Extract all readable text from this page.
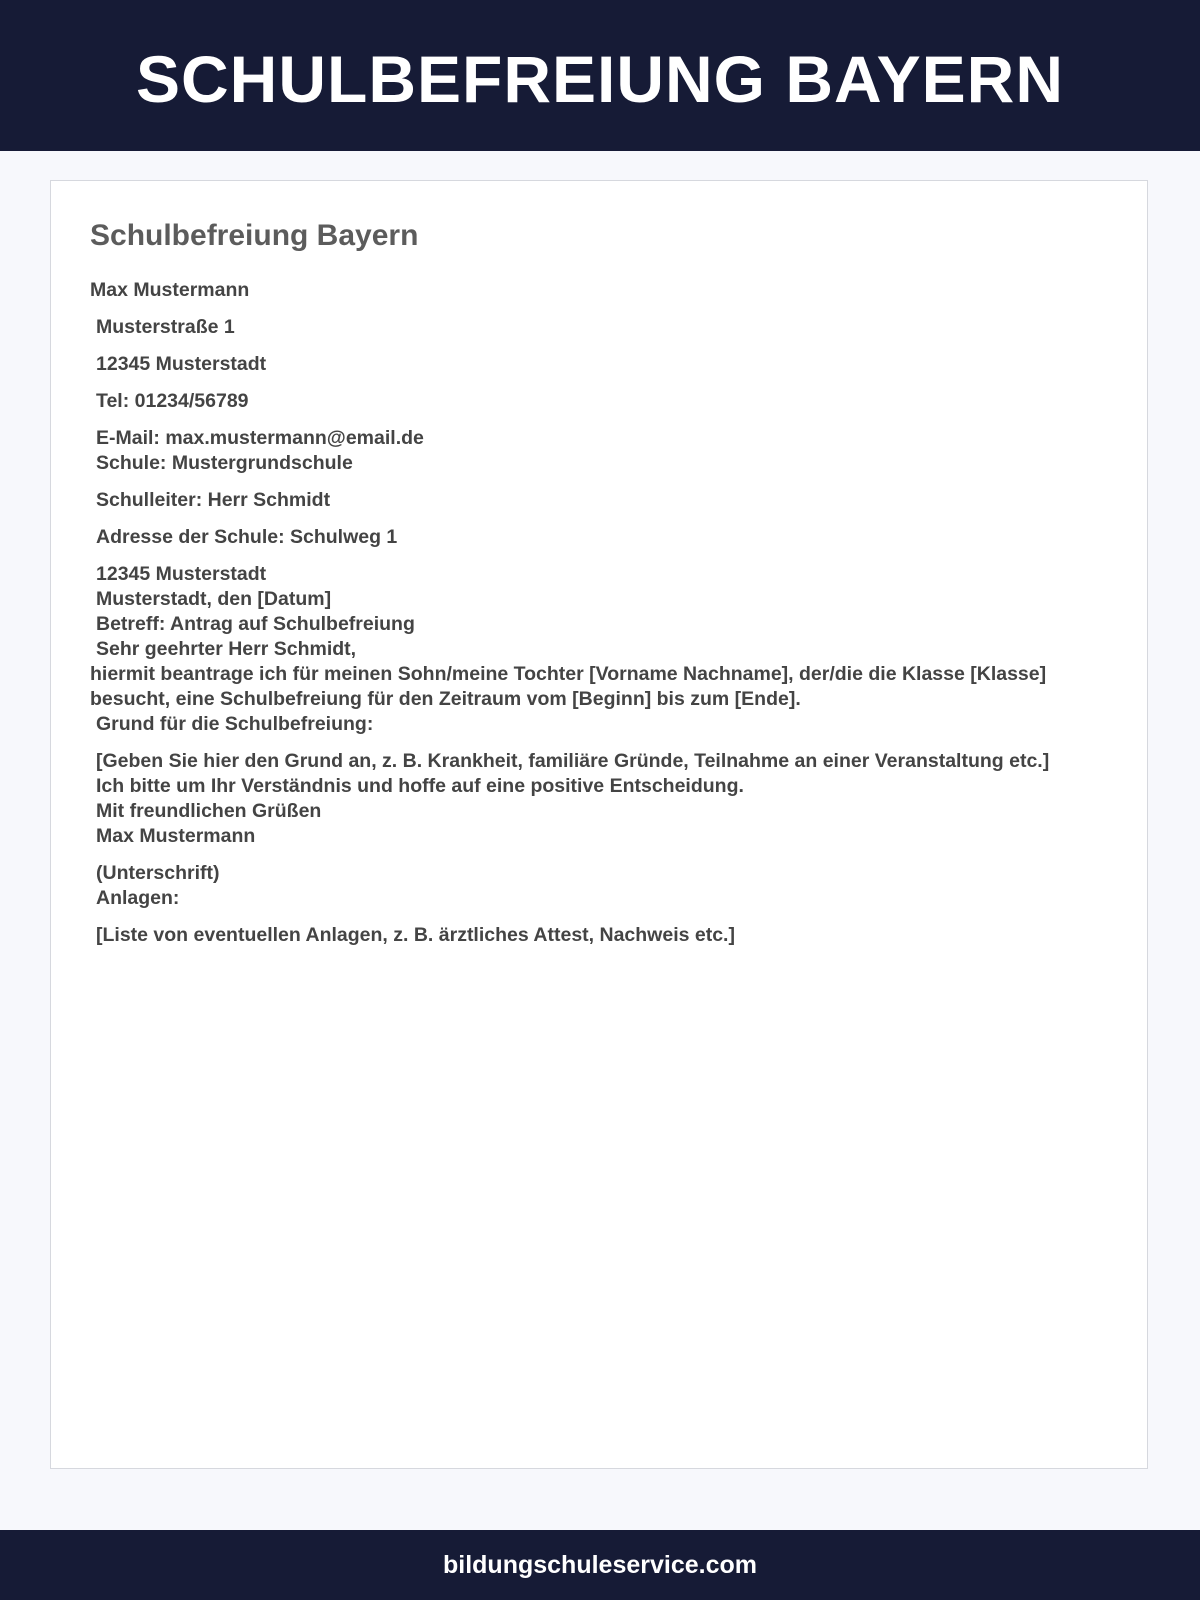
SCHULBEFREIUNG BAYERN
Schulbefreiung Bayern
Max Mustermann
Musterstraße 1
12345 Musterstadt
Tel: 01234/56789
E-Mail: max.mustermann@email.de
Schule: Mustergrundschule
Schulleiter: Herr Schmidt
Adresse der Schule: Schulweg 1
12345 Musterstadt
Musterstadt, den [Datum]
Betreff: Antrag auf Schulbefreiung
Sehr geehrter Herr Schmidt,
hiermit beantrage ich für meinen Sohn/meine Tochter [Vorname Nachname], der/die die Klasse [Klasse] besucht, eine Schulbefreiung für den Zeitraum vom [Beginn] bis zum [Ende].
Grund für die Schulbefreiung:
[Geben Sie hier den Grund an, z. B. Krankheit, familiäre Gründe, Teilnahme an einer Veranstaltung etc.]
Ich bitte um Ihr Verständnis und hoffe auf eine positive Entscheidung.
Mit freundlichen Grüßen
Max Mustermann
(Unterschrift)
Anlagen:
[Liste von eventuellen Anlagen, z. B. ärztliches Attest, Nachweis etc.]
bildungschuleservice.com
